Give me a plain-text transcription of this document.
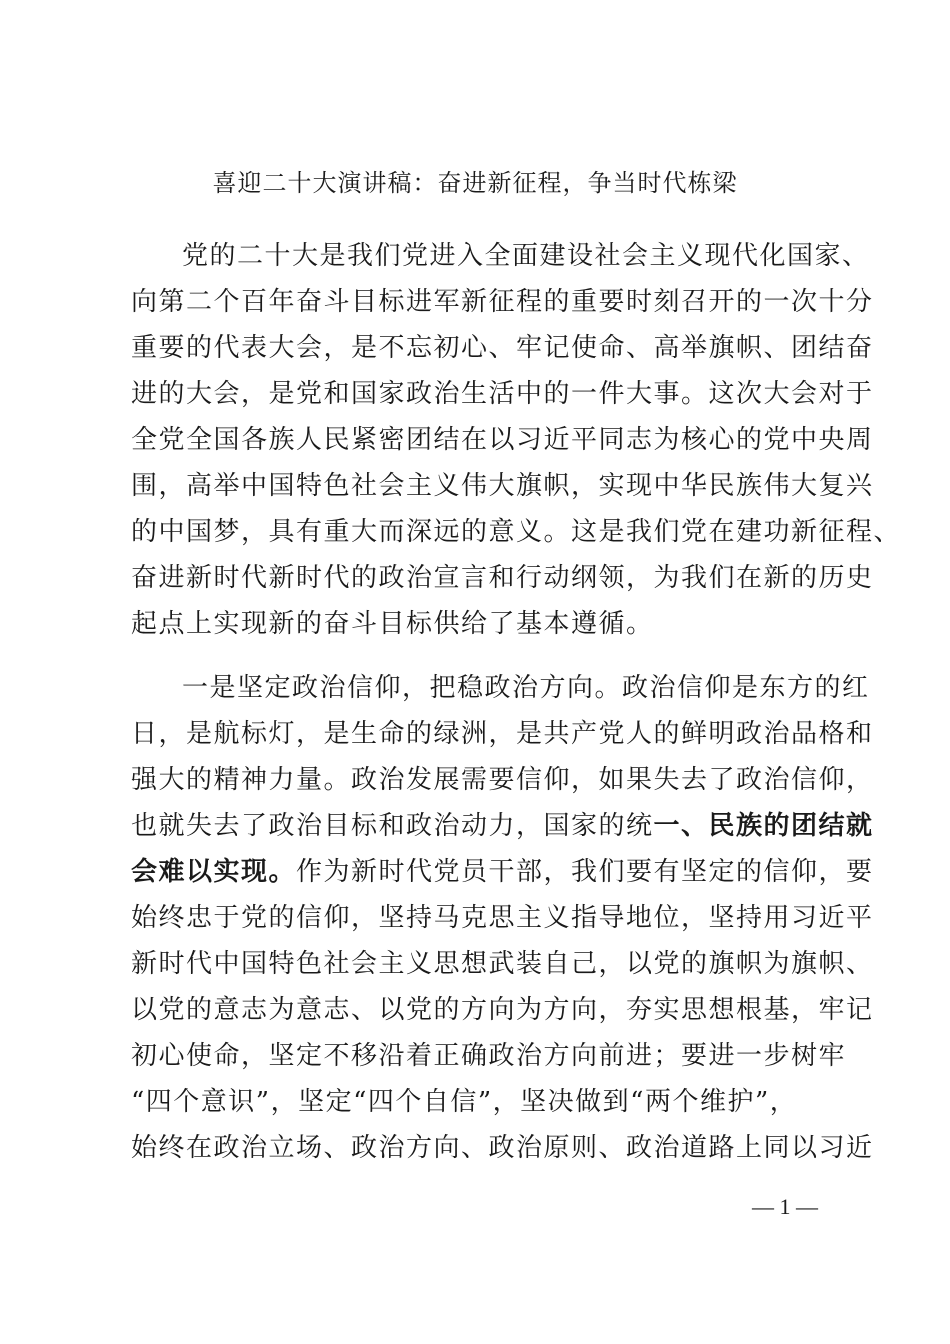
喜迎二十大演讲稿：奋进新征程，争当时代栋梁

党的二十大是我们党进入全面建设社会主义现代化国家、

向第二个百年奋斗目标进军新征程的重要时刻召开的一次十分

重要的代表大会，是不忘初心、牢记使命、高举旗帜、团结奋

进的大会，是党和国家政治生活中的一件大事。这次大会对于

全党全国各族人民紧密团结在以习近平同志为核心的党中央周

围，高举中国特色社会主义伟大旗帜，实现中华民族伟大复兴

的中国梦，具有重大而深远的意义。这是我们党在建功新征程、

奋进新时代新时代的政治宣言和行动纲领，为我们在新的历史

起点上实现新的奋斗目标供给了基本遵循。

一是坚定政治信仰，把稳政治方向。政治信仰是东方的红

日，是航标灯，是生命的绿洲，是共产党人的鲜明政治品格和

强大的精神力量。政治发展需要信仰，如果失去了政治信仰，

也就失去了政治目标和政治动力，国家的统一、民族的团结就

会难以实现。作为新时代党员干部，我们要有坚定的信仰，要

始终忠于党的信仰，坚持马克思主义指导地位，坚持用习近平

新时代中国特色社会主义思想武装自己，以党的旗帜为旗帜、

以党的意志为意志、以党的方向为方向，夯实思想根基，牢记

初心使命，坚定不移沿着正确政治方向前进；要进一步树牢

“四个意识”，坚定“四个自信”，坚决做到“两个维护”，

始终在政治立场、政治方向、政治原则、政治道路上同以习近

— 1 —
